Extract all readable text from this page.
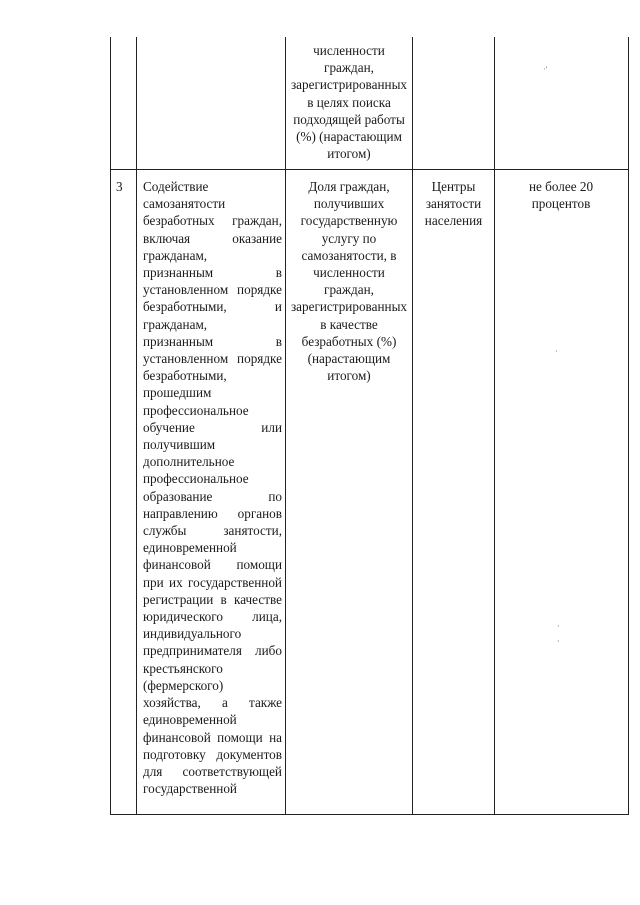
численности
граждан,
зарегистрированных
в целях поиска
подходящей работы
(%) (нарастающим
итогом)
3	Содействие
самозанятости
безработных граждан,
включая оказание
гражданам,
признанным в
установленном порядке
безработными, и
гражданам,
признанным в
установленном порядке
безработными,
прошедшим
профессиональное
обучение или
получившим
дополнительное
профессиональное
образование по
направлению органов
службы занятости,
единовременной
финансовой помощи
при их государственной
регистрации в качестве
юридического лица,
индивидуального
предпринимателя либо
крестьянского
(фермерского)
хозяйства, а также
единовременной
финансовой помощи на
подготовку документов
для соответствующей
государственной
Доля граждан,
получивших
государственную
услугу по
самозанятости, в
численности
граждан,
зарегистрированных
в качестве
безработных (%)
(нарастающим
итогом)
Центры
занятости
населения
не более 20
процентов
·'
·
·
·
